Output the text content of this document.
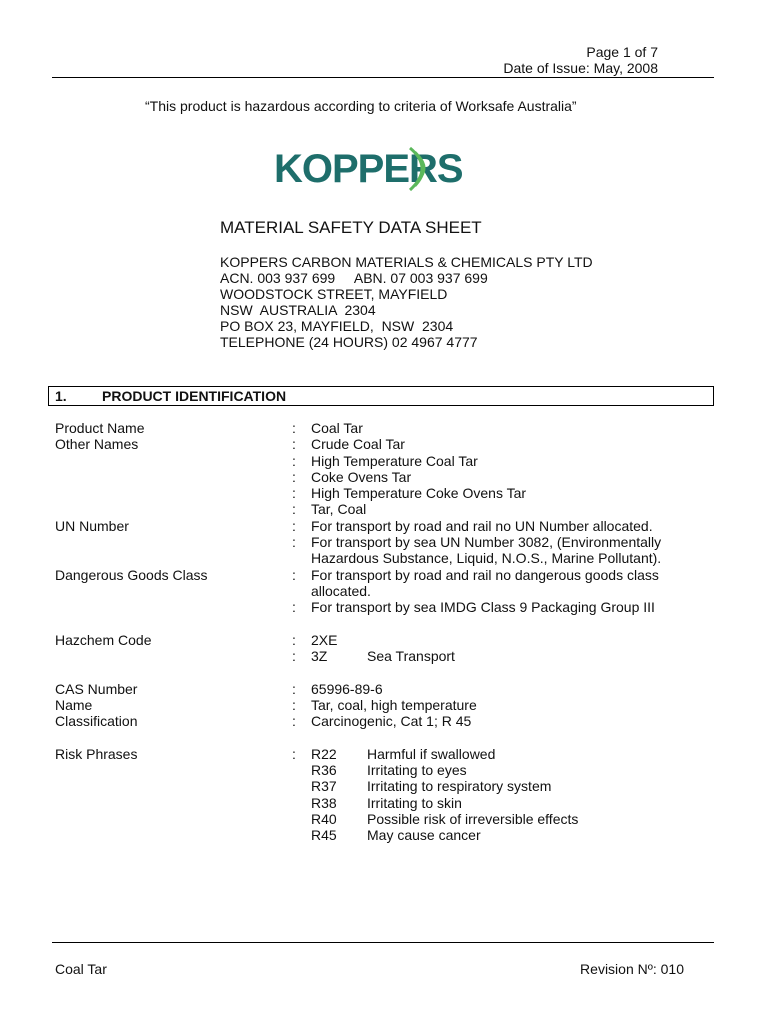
Page 1 of 7
Date of Issue: May, 2008
“This product is hazardous according to criteria of Worksafe Australia”
KOPPERS
MATERIAL SAFETY DATA SHEET
KOPPERS CARBON MATERIALS & CHEMICALS PTY LTD
ACN. 003 937 699     ABN. 07 003 937 699
WOODSTOCK STREET, MAYFIELD
NSW  AUSTRALIA  2304
PO BOX 23, MAYFIELD,  NSW  2304
TELEPHONE (24 HOURS) 02 4967 4777
1.	PRODUCT IDENTIFICATION
Product Name	: Coal Tar
Other Names	: Crude Coal Tar
: High Temperature Coal Tar
: Coke Ovens Tar
: High Temperature Coke Ovens Tar
: Tar, Coal
UN Number	: For transport by road and rail no UN Number allocated.
: For transport by sea UN Number 3082, (Environmentally
Hazardous Substance, Liquid, N.O.S., Marine Pollutant).
Dangerous Goods Class	: For transport by road and rail no dangerous goods class
allocated.
: For transport by sea IMDG Class 9 Packaging Group III
Hazchem Code	: 2XE
: 3Z	Sea Transport
CAS Number	: 65996-89-6
Name	: Tar, coal, high temperature
Classification	: Carcinogenic, Cat 1; R 45
Risk Phrases	: R22 Harmful if swallowed
R36 Irritating to eyes
R37 Irritating to respiratory system
R38 Irritating to skin
R40 Possible risk of irreversible effects
R45 May cause cancer
Coal Tar	Revision Nº: 010
